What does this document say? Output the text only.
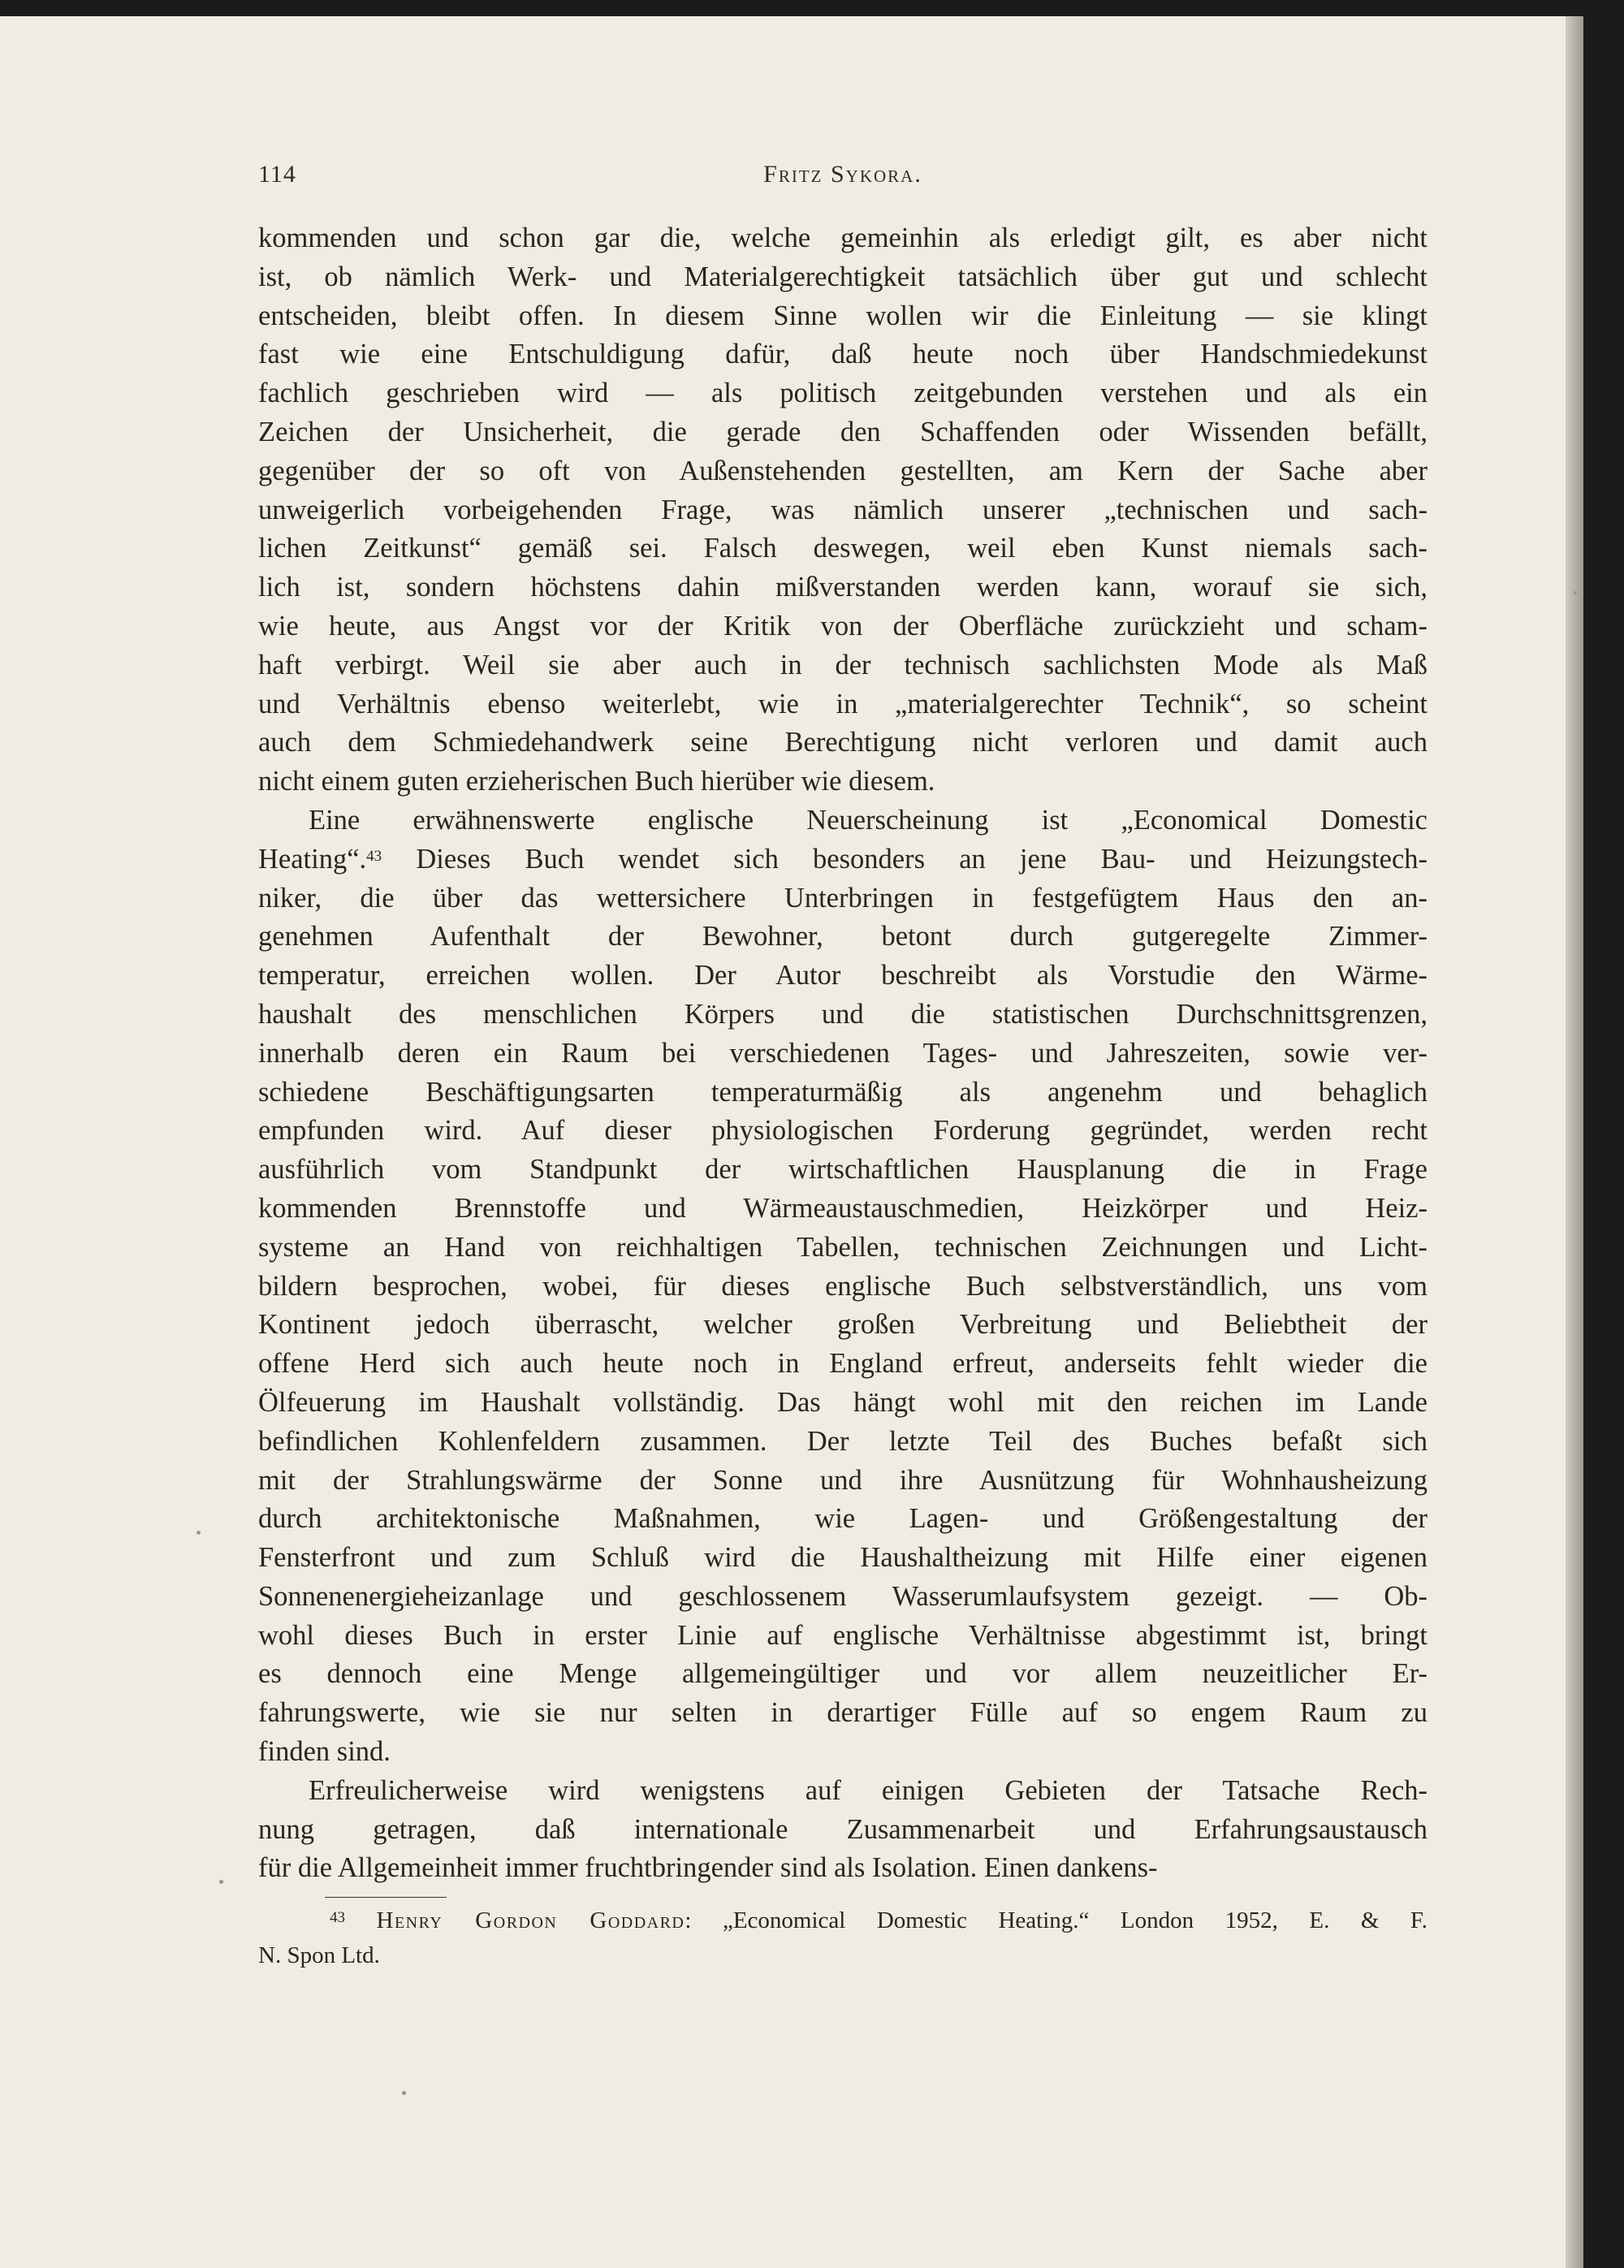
114	Fritz Sykora.
kommenden und schon gar die, welche gemeinhin als erledigt gilt, es aber nicht
ist, ob nämlich Werk- und Materialgerechtigkeit tatsächlich über gut und schlecht
entscheiden, bleibt offen. In diesem Sinne wollen wir die Einleitung — sie klingt
fast wie eine Entschuldigung dafür, daß heute noch über Handschmiedekunst
fachlich geschrieben wird — als politisch zeitgebunden verstehen und als ein
Zeichen der Unsicherheit, die gerade den Schaffenden oder Wissenden befällt,
gegenüber der so oft von Außenstehenden gestellten, am Kern der Sache aber
unweigerlich vorbeigehenden Frage, was nämlich unserer „technischen und sach-
lichen Zeitkunst“ gemäß sei. Falsch deswegen, weil eben Kunst niemals sach-
lich ist, sondern höchstens dahin mißverstanden werden kann, worauf sie sich,
wie heute, aus Angst vor der Kritik von der Oberfläche zurückzieht und scham-
haft verbirgt. Weil sie aber auch in der technisch sachlichsten Mode als Maß
und Verhältnis ebenso weiterlebt, wie in „materialgerechter Technik“, so scheint
auch dem Schmiedehandwerk seine Berechtigung nicht verloren und damit auch
nicht einem guten erzieherischen Buch hierüber wie diesem.
Eine erwähnenswerte englische Neuerscheinung ist „Economical Domestic
Heating“.$^{43}$ Dieses Buch wendet sich besonders an jene Bau- und Heizungstech-
niker, die über das wettersichere Unterbringen in festgefügtem Haus den an-
genehmen Aufenthalt der Bewohner, betont durch gutgeregelte Zimmer-
temperatur, erreichen wollen. Der Autor beschreibt als Vorstudie den Wärme-
haushalt des menschlichen Körpers und die statistischen Durchschnittsgrenzen,
innerhalb deren ein Raum bei verschiedenen Tages- und Jahreszeiten, sowie ver-
schiedene Beschäftigungsarten temperaturmäßig als angenehm und behaglich
empfunden wird. Auf dieser physiologischen Forderung gegründet, werden recht
ausführlich vom Standpunkt der wirtschaftlichen Hausplanung die in Frage
kommenden Brennstoffe und Wärmeaustauschmedien, Heizkörper und Heiz-
systeme an Hand von reichhaltigen Tabellen, technischen Zeichnungen und Licht-
bildern besprochen, wobei, für dieses englische Buch selbstverständlich, uns vom
Kontinent jedoch überrascht, welcher großen Verbreitung und Beliebtheit der
offene Herd sich auch heute noch in England erfreut, anderseits fehlt wieder die
Ölfeuerung im Haushalt vollständig. Das hängt wohl mit den reichen im Lande
befindlichen Kohlenfeldern zusammen. Der letzte Teil des Buches befaßt sich
mit der Strahlungswärme der Sonne und ihre Ausnützung für Wohnhausheizung
durch architektonische Maßnahmen, wie Lagen- und Größengestaltung der
Fensterfront und zum Schluß wird die Haushaltheizung mit Hilfe einer eigenen
Sonnenenergieheizanlage und geschlossenem Wasserumlaufsystem gezeigt. — Ob-
wohl dieses Buch in erster Linie auf englische Verhältnisse abgestimmt ist, bringt
es dennoch eine Menge allgemeingültiger und vor allem neuzeitlicher Er-
fahrungswerte, wie sie nur selten in derartiger Fülle auf so engem Raum zu
finden sind.
Erfreulicherweise wird wenigstens auf einigen Gebieten der Tatsache Rech-
nung getragen, daß internationale Zusammenarbeit und Erfahrungsaustausch
für die Allgemeinheit immer fruchtbringender sind als Isolation. Einen dankens-
$^{43}$ Henry Gordon Goddard: „Economical Domestic Heating.“ London 1952, E. & F.
N. Spon Ltd.
